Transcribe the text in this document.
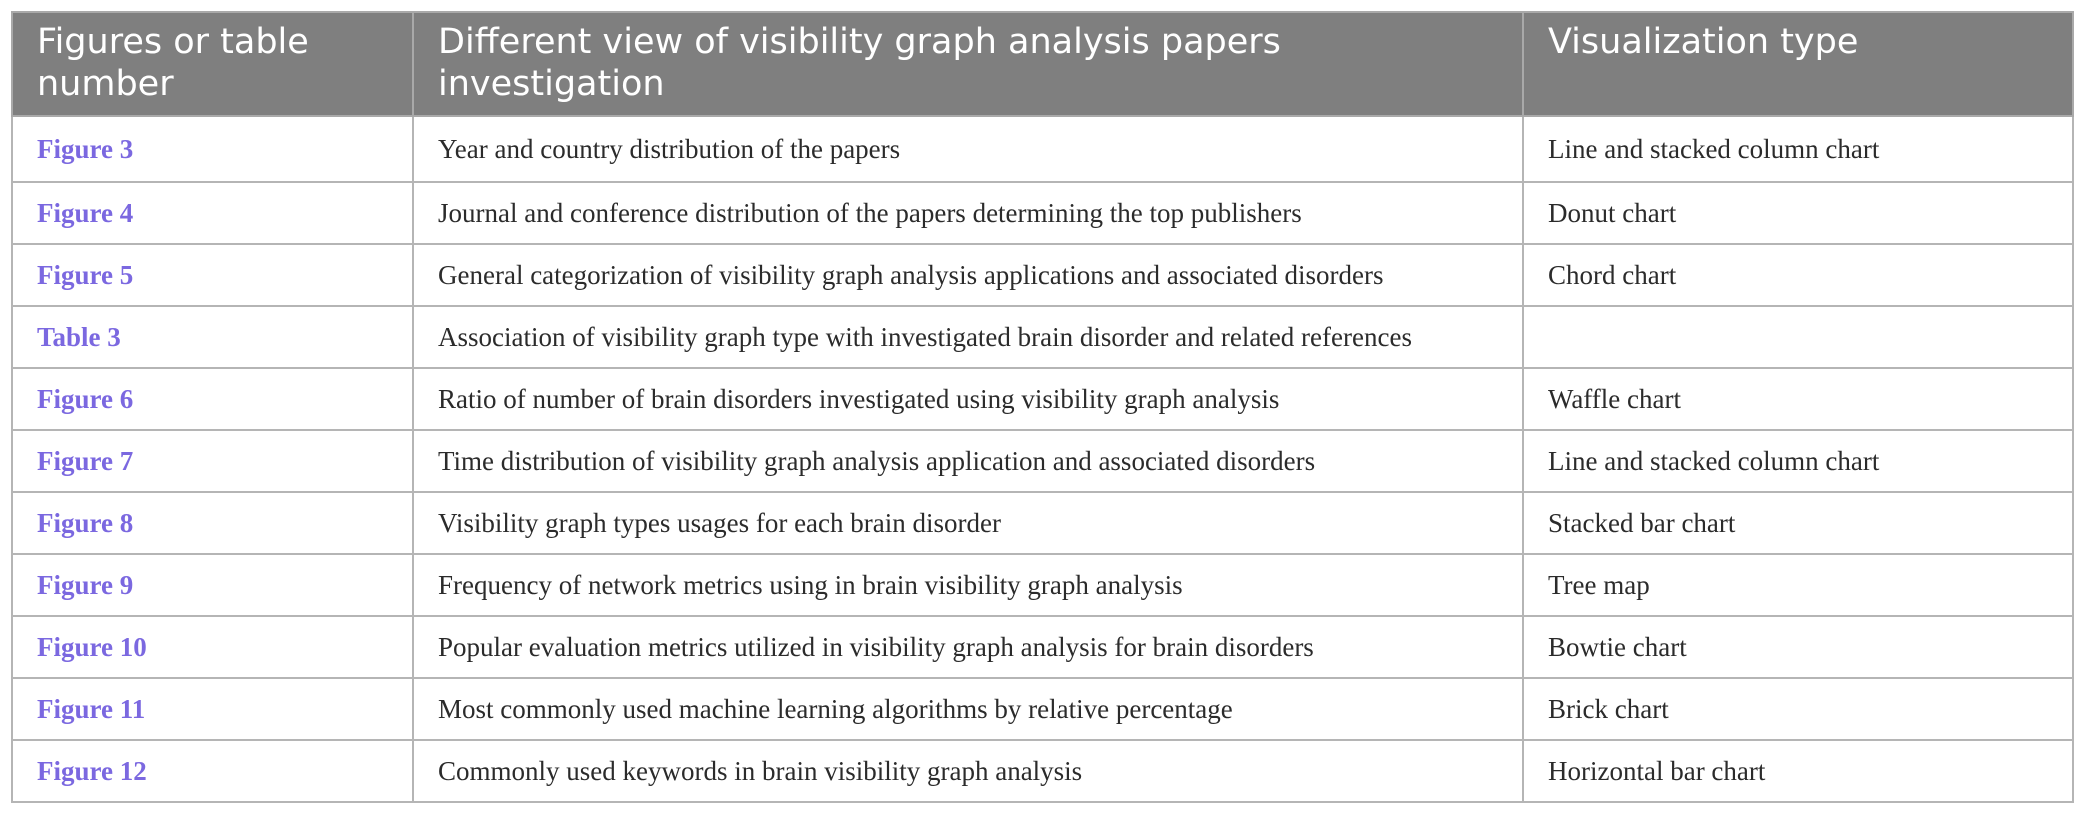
Figures or table number	Different view of visibility graph analysis papers investigation	Visualization type
Figure 3	Year and country distribution of the papers	Line and stacked column chart
Figure 4	Journal and conference distribution of the papers determining the top publishers	Donut chart
Figure 5	General categorization of visibility graph analysis applications and associated disorders	Chord chart
Table 3	Association of visibility graph type with investigated brain disorder and related references	
Figure 6	Ratio of number of brain disorders investigated using visibility graph analysis	Waffle chart
Figure 7	Time distribution of visibility graph analysis application and associated disorders	Line and stacked column chart
Figure 8	Visibility graph types usages for each brain disorder	Stacked bar chart
Figure 9	Frequency of network metrics using in brain visibility graph analysis	Tree map
Figure 10	Popular evaluation metrics utilized in visibility graph analysis for brain disorders	Bowtie chart
Figure 11	Most commonly used machine learning algorithms by relative percentage	Brick chart
Figure 12	Commonly used keywords in brain visibility graph analysis	Horizontal bar chart
